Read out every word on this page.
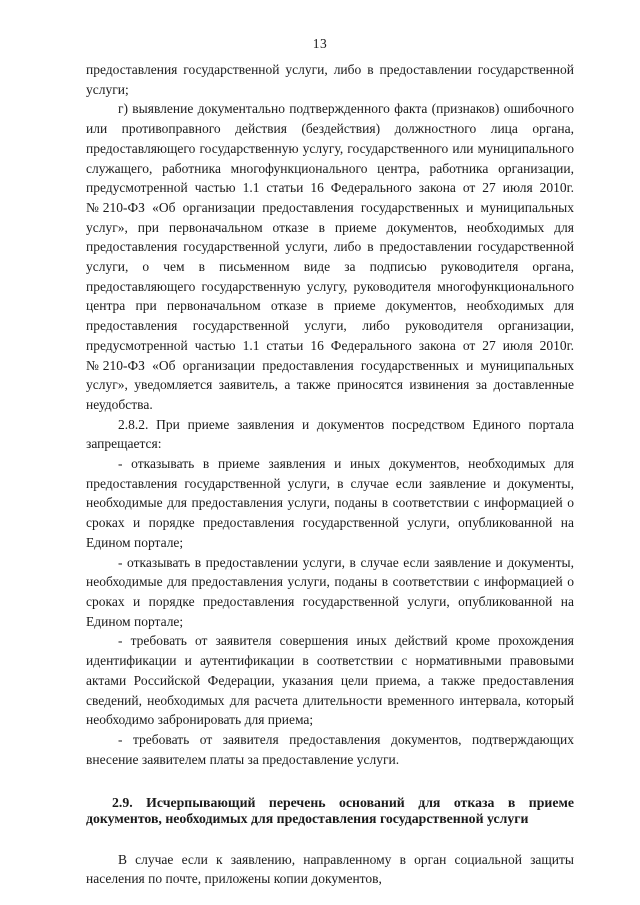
13

предоставления государственной услуги, либо в предоставлении государственной услуги;

г) выявление документально подтвержденного факта (признаков) ошибочного или противоправного действия (бездействия) должностного лица органа, предоставляющего государственную услугу, государственного или муниципального служащего, работника многофункционального центра, работника организации, предусмотренной частью 1.1 статьи 16 Федерального закона от 27 июля 2010г. №210-ФЗ «Об организации предоставления государственных и муниципальных услуг», при первоначальном отказе в приеме документов, необходимых для предоставления государственной услуги, либо в предоставлении государственной услуги, о чем в письменном виде за подписью руководителя органа, предоставляющего государственную услугу, руководителя многофункционального центра при первоначальном отказе в приеме документов, необходимых для предоставления государственной услуги, либо руководителя организации, предусмотренной частью 1.1 статьи 16 Федерального закона от 27 июля 2010г. №210-ФЗ «Об организации предоставления государственных и муниципальных услуг», уведомляется заявитель, а также приносятся извинения за доставленные неудобства.

2.8.2. При приеме заявления и документов посредством Единого портала запрещается:

- отказывать в приеме заявления и иных документов, необходимых для предоставления государственной услуги, в случае если заявление и документы, необходимые для предоставления услуги, поданы в соответствии с информацией о сроках и порядке предоставления государственной услуги, опубликованной на Едином портале;

- отказывать в предоставлении услуги, в случае если заявление и документы, необходимые для предоставления услуги, поданы в соответствии с информацией о сроках и порядке предоставления государственной услуги, опубликованной на Едином портале;

- требовать от заявителя совершения иных действий кроме прохождения идентификации и аутентификации в соответствии с нормативными правовыми актами Российской Федерации, указания цели приема, а также предоставления сведений, необходимых для расчета длительности временного интервала, который необходимо забронировать для приема;

- требовать от заявителя предоставления документов, подтверждающих внесение заявителем платы за предоставление услуги.

2.9. Исчерпывающий перечень оснований для отказа в приеме документов, необходимых для предоставления государственной услуги

В случае если к заявлению, направленному в орган социальной защиты населения по почте, приложены копии документов,
